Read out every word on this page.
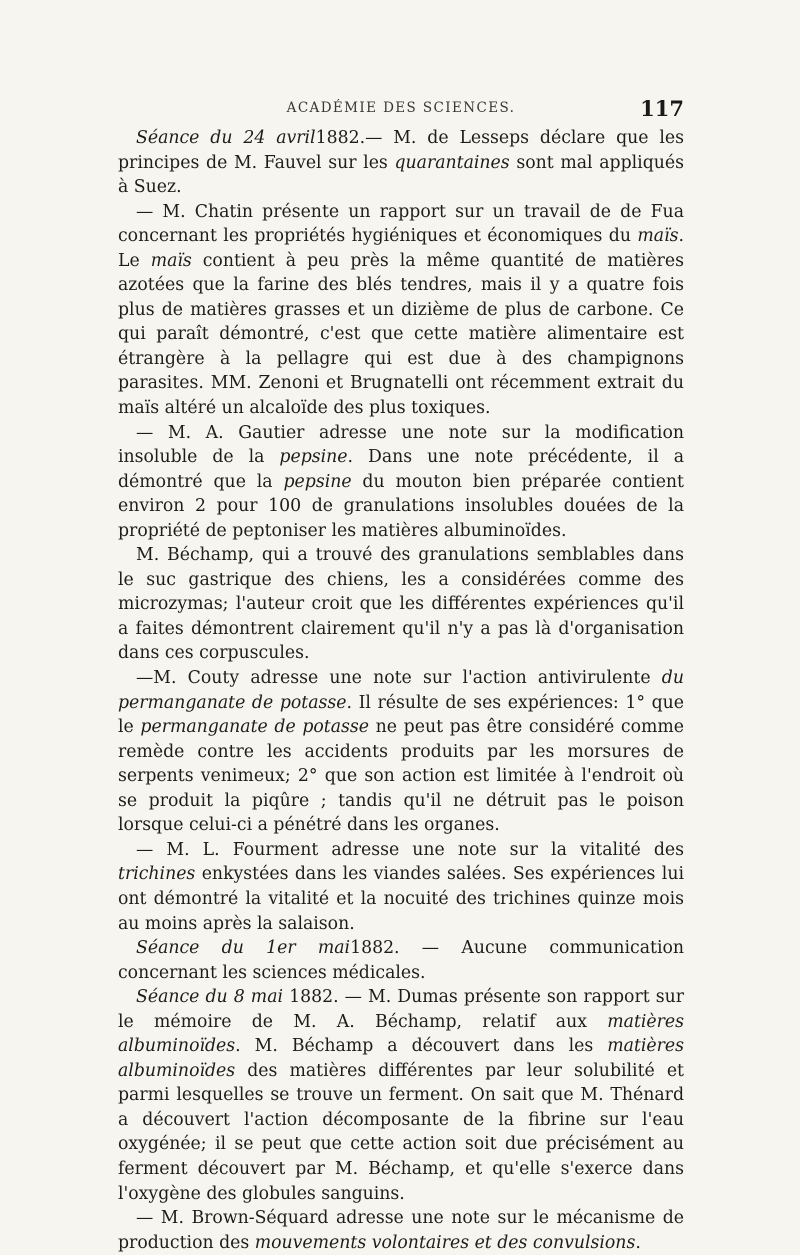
ACADÉMIE DES SCIENCES.	117

Séance du 24 avril1882.— M. de Lesseps déclare que les principes de M. Fauvel sur les quarantaines sont mal appliqués à Suez.

— M. Chatin présente un rapport sur un travail de de Fua concernant les propriétés hygiéniques et économiques du maïs. Le maïs contient à peu près la même quantité de matières azotées que la farine des blés tendres, mais il y a quatre fois plus de matières grasses et un dizième de plus de carbone. Ce qui paraît démontré, c'est que cette matière alimentaire est étrangère à la pellagre qui est due à des champignons parasites. MM. Zenoni et Brugnatelli ont récemment extrait du maïs altéré un alcaloïde des plus toxiques.

— M. A. Gautier adresse une note sur la modification insoluble de la pepsine. Dans une note précédente, il a démontré que la pepsine du mouton bien préparée contient environ 2 pour 100 de granulations insolubles douées de la propriété de peptoniser les matières albuminoïdes.

M. Béchamp, qui a trouvé des granulations semblables dans le suc gastrique des chiens, les a considérées comme des microzymas; l'auteur croit que les différentes expériences qu'il a faites démontrent clairement qu'il n'y a pas là d'organisation dans ces corpuscules.

—M. Couty adresse une note sur l'action antivirulente du permanganate de potasse. Il résulte de ses expériences: 1° que le permanganate de potasse ne peut pas être considéré comme remède contre les accidents produits par les morsures de serpents venimeux; 2° que son action est limitée à l'endroit où se produit la piqûre ; tandis qu'il ne détruit pas le poison lorsque celui-ci a pénétré dans les organes.

— M. L. Fourment adresse une note sur la vitalité des trichines enkystées dans les viandes salées. Ses expériences lui ont démontré la vitalité et la nocuité des trichines quinze mois au moins après la salaison.

Séance du 1er mai1882. — Aucune communication concernant les sciences médicales.

Séance du 8 mai 1882. — M. Dumas présente son rapport sur le mémoire de M. A. Béchamp, relatif aux matières albuminoïdes. M. Béchamp a découvert dans les matières albuminoïdes des matières différentes par leur solubilité et parmi lesquelles se trouve un ferment. On sait que M. Thénard a découvert l'action décomposante de la fibrine sur l'eau oxygénée; il se peut que cette action soit due précisément au ferment découvert par M. Béchamp, et qu'elle s'exerce dans l'oxygène des globules sanguins.

— M. Brown-Séquard adresse une note sur le mécanisme de production des mouvements volontaires et des convulsions.
